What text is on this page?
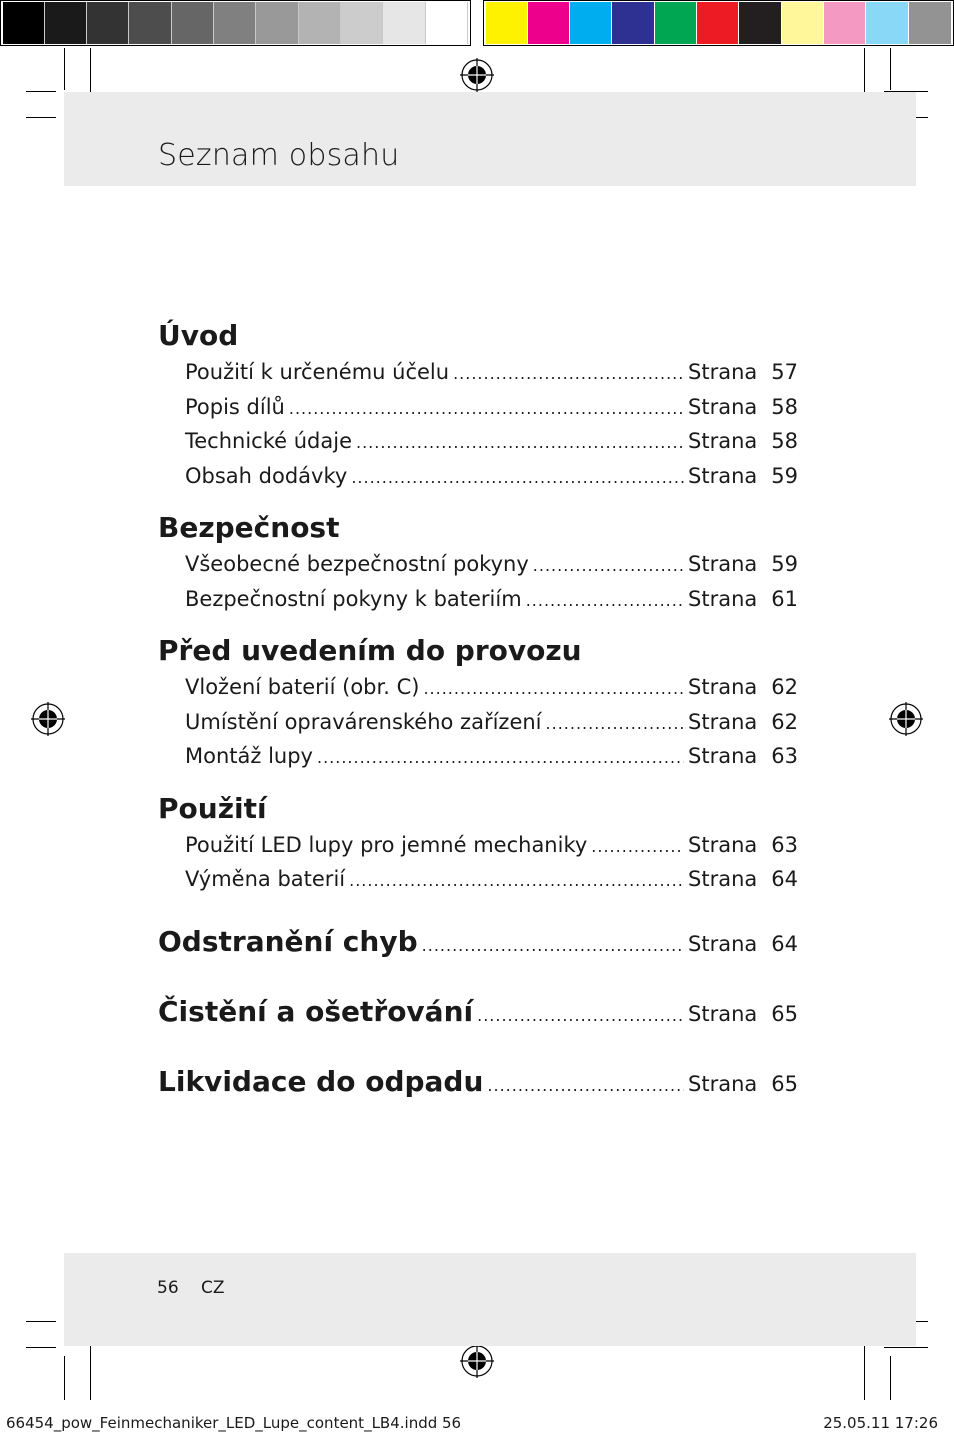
Seznam obsahu
Úvod
Použití k určenému účelu .....	Strana 57
Popis dílů .....	Strana 58
Technické údaje .....	Strana 58
Obsah dodávky .....	Strana 59
Bezpečnost
Všeobecné bezpečnostní pokyny .....	Strana 59
Bezpečnostní pokyny k bateriím .....	Strana 61
Před uvedením do provozu
Vložení baterií (obr. C) .....	Strana 62
Umístění opravárenského zařízení .....	Strana 62
Montáž lupy .....	Strana 63
Použití
Použití LED lupy pro jemné mechaniky .....	Strana 63
Výměna baterií .....	Strana 64
Odstranění chyb .....	Strana 64
Čistění a ošetřování .....	Strana 65
Likvidace do odpadu .....	Strana 65
56 CZ
66454_pow_Feinmechaniker_LED_Lupe_content_LB4.indd 56	25.05.11 17:26
